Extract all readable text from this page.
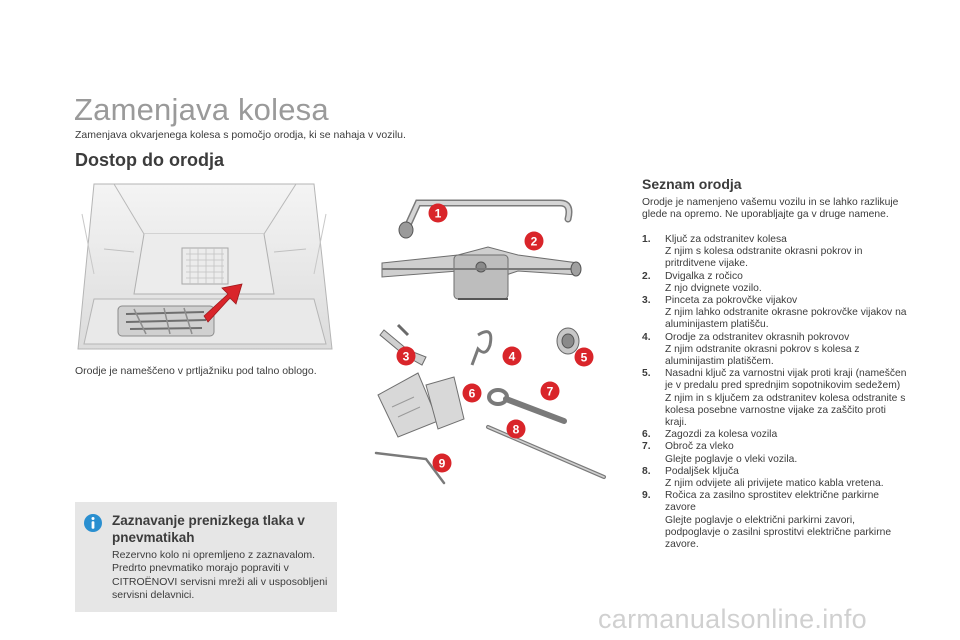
Zamenjava kolesa
Zamenjava okvarjenega kolesa s pomočjo orodja, ki se nahaja v vozilu.
Dostop do orodja
Orodje je nameščeno v prtljažniku pod talno oblogo.
1
2
3	4	5
6	7
8
9
Zaznavanje prenizkega tlaka v pnevmatikah
Rezervno kolo ni opremljeno z zaznavalom. Predrto pnevmatiko morajo popraviti v CITROËNOVI servisni mreži ali v usposobljeni servisni delavnici.
Seznam orodja
Orodje je namenjeno vašemu vozilu in se lahko razlikuje glede na opremo. Ne uporabljajte ga v druge namene.
1.	Ključ za odstranitev kolesa
Z njim s kolesa odstranite okrasni pokrov in pritrditvene vijake.
2.	Dvigalka z ročico
Z njo dvignete vozilo.
3.	Pinceta za pokrovčke vijakov
Z njim lahko odstranite okrasne pokrovčke vijakov na aluminijastem platišču.
4.	Orodje za odstranitev okrasnih pokrovov
Z njim odstranite okrasni pokrov s kolesa z aluminijastim platiščem.
5.	Nasadni ključ za varnostni vijak proti kraji (nameščen je v predalu pred sprednjim sopotnikovim sedežem)
Z njim in s ključem za odstranitev kolesa odstranite s kolesa posebne varnostne vijake za zaščito proti kraji.
6.	Zagozdi za kolesa vozila
7.	Obroč za vleko
Glejte poglavje o vleki vozila.
8.	Podaljšek ključa
Z njim odvijete ali privijete matico kabla vretena.
9.	Ročica za zasilno sprostitev električne parkirne zavore
Glejte poglavje o električni parkirni zavori, podpoglavje o zasilni sprostitvi električne parkirne zavore.
carmanualsonline.info
